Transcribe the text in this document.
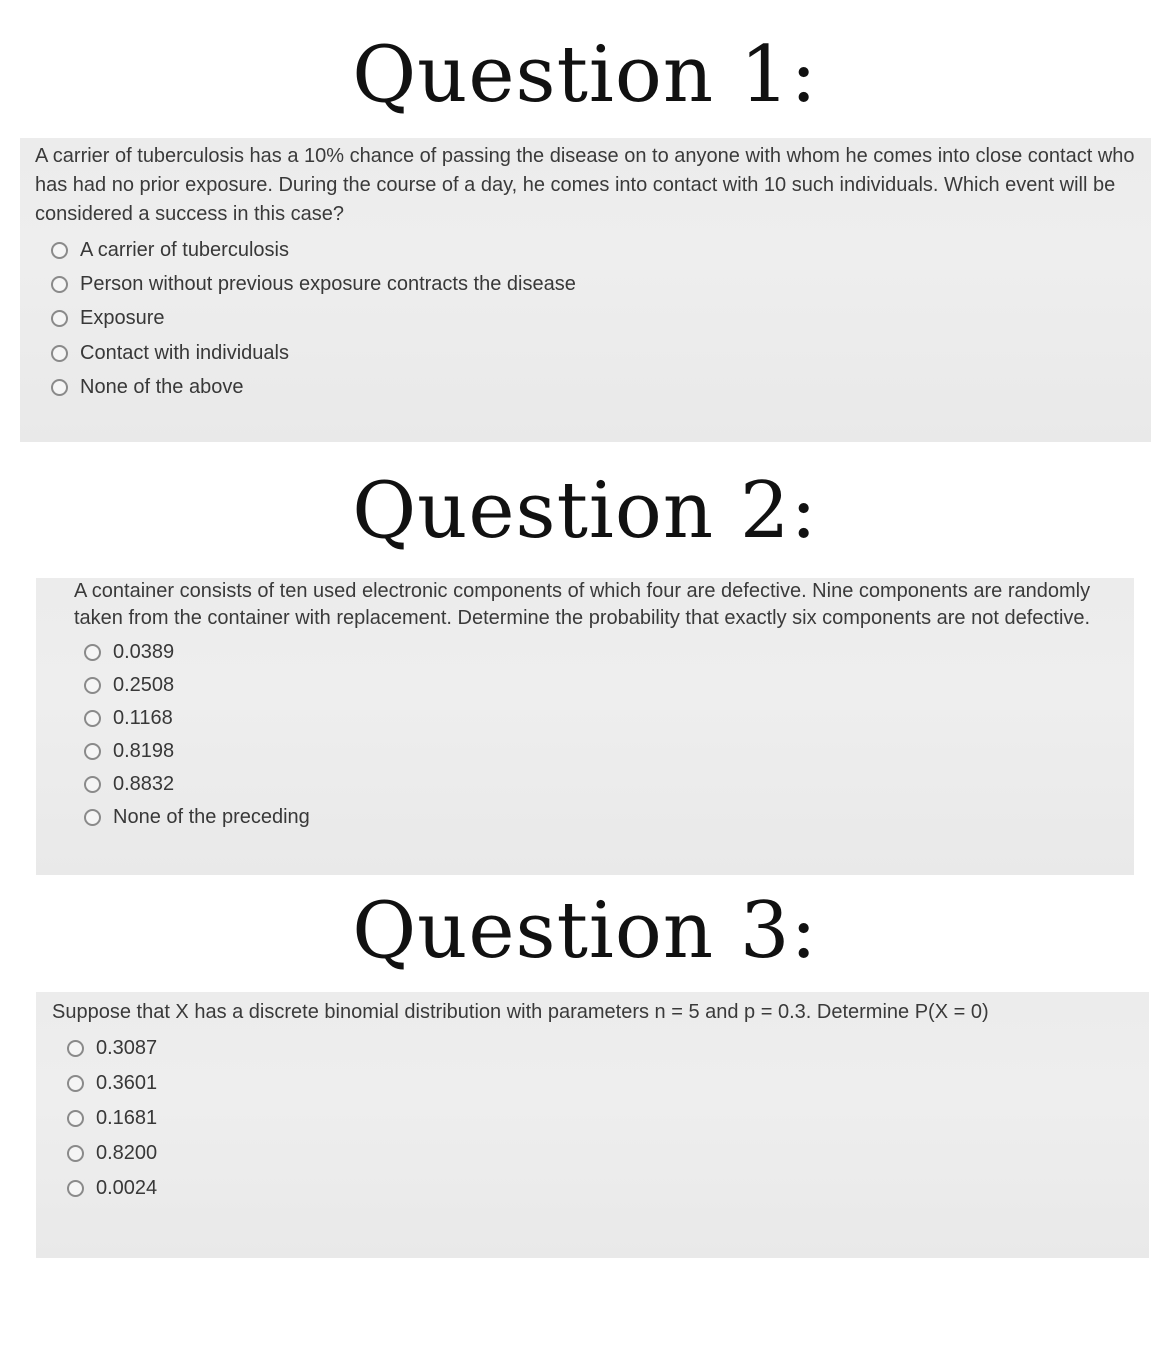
Question 1:

A carrier of tuberculosis has a 10% chance of passing the disease on to anyone with whom he comes into close contact who has had no prior exposure. During the course of a day, he comes into contact with 10 such individuals. Which event will be considered a success in this case?

A carrier of tuberculosis
Person without previous exposure contracts the disease
Exposure
Contact with individuals
None of the above
Question 2:

A container consists of ten used electronic components of which four are defective. Nine components are randomly taken from the container with replacement. Determine the probability that exactly six components are not defective.

0.0389
0.2508
0.1168
0.8198
0.8832
None of the preceding
Question 3:

Suppose that X has a discrete binomial distribution with parameters n = 5 and p = 0.3. Determine P(X = 0)

0.3087
0.3601
0.1681
0.8200
0.0024
